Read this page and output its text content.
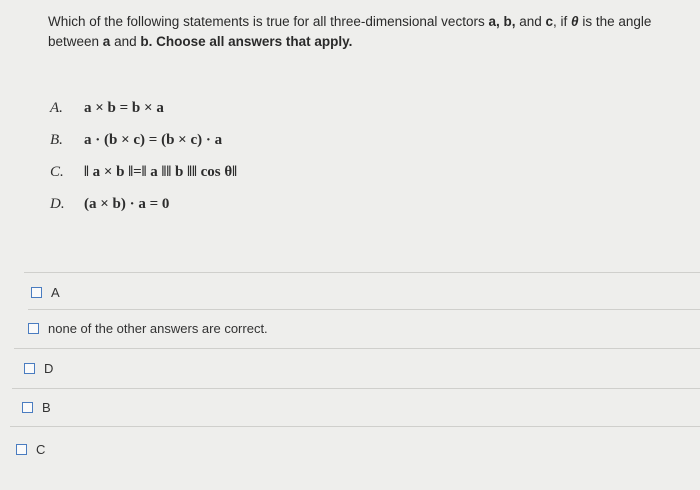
Which of the following statements is true for all three-dimensional vectors a, b, and c, if θ is the angle between a and b. Choose all answers that apply.
A.	a × b = b × a
B.	a · (b × c) = (b × c) · a
C.	‖ a × b ‖=‖ a ‖‖ b ‖‖ cos θ‖
D.	(a × b) · a = 0
A
none of the other answers are correct.
D
B
C
